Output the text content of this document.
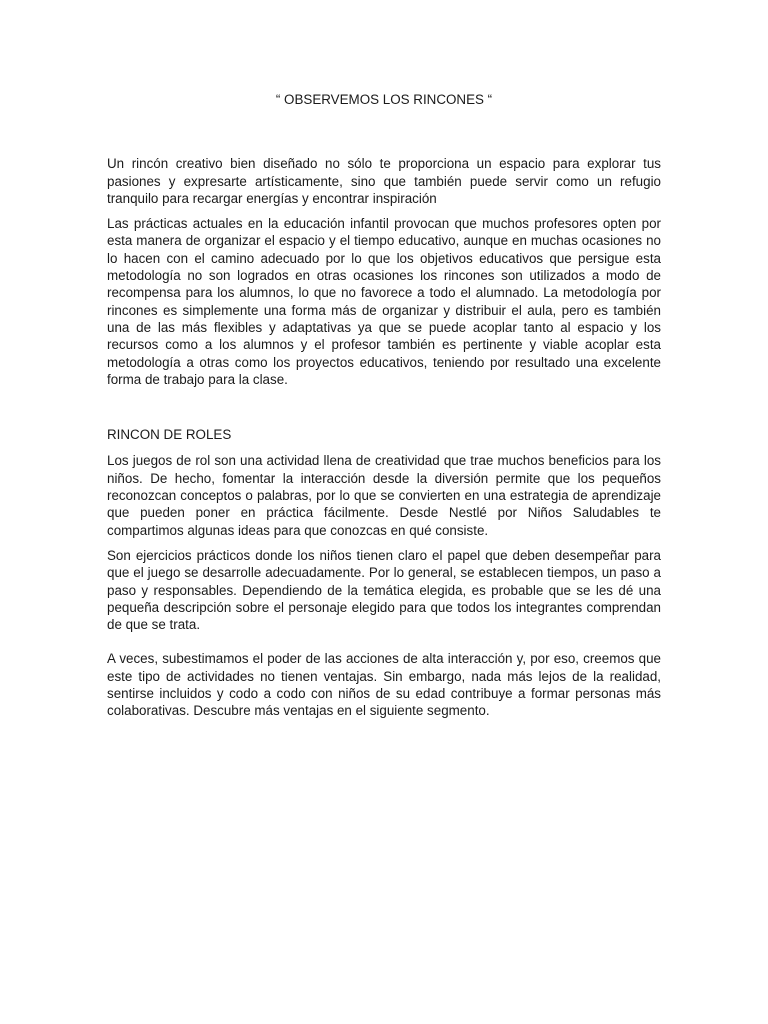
“ OBSERVEMOS LOS RINCONES “

Un rincón creativo bien diseñado no sólo te proporciona un espacio para explorar tus pasiones y expresarte artísticamente, sino que también puede servir como un refugio tranquilo para recargar energías y encontrar inspiración

Las prácticas actuales en la educación infantil provocan que muchos profesores opten por esta manera de organizar el espacio y el tiempo educativo, aunque en muchas ocasiones no lo hacen con el camino adecuado por lo que los objetivos educativos que persigue esta metodología no son logrados en otras ocasiones los rincones son utilizados a modo de recompensa para los alumnos, lo que no favorece a todo el alumnado. La metodología por rincones es simplemente una forma más de organizar y distribuir el aula, pero es también una de las más flexibles y adaptativas ya que se puede acoplar tanto al espacio y los recursos como a los alumnos y el profesor también es pertinente y viable acoplar esta metodología a otras como los proyectos educativos, teniendo por resultado una excelente forma de trabajo para la clase.

RINCON DE ROLES

Los juegos de rol son una actividad llena de creatividad que trae muchos beneficios para los niños. De hecho, fomentar la interacción desde la diversión permite que los pequeños reconozcan conceptos o palabras, por lo que se convierten en una estrategia de aprendizaje que pueden poner en práctica fácilmente. Desde Nestlé por Niños Saludables te compartimos algunas ideas para que conozcas en qué consiste.

Son ejercicios prácticos donde los niños tienen claro el papel que deben desempeñar para que el juego se desarrolle adecuadamente. Por lo general, se establecen tiempos, un paso a paso y responsables. Dependiendo de la temática elegida, es probable que se les dé una pequeña descripción sobre el personaje elegido para que todos los integrantes comprendan de que se trata.

A veces, subestimamos el poder de las acciones de alta interacción y, por eso, creemos que este tipo de actividades no tienen ventajas. Sin embargo, nada más lejos de la realidad, sentirse incluidos y codo a codo con niños de su edad contribuye a formar personas más colaborativas. Descubre más ventajas en el siguiente segmento.
